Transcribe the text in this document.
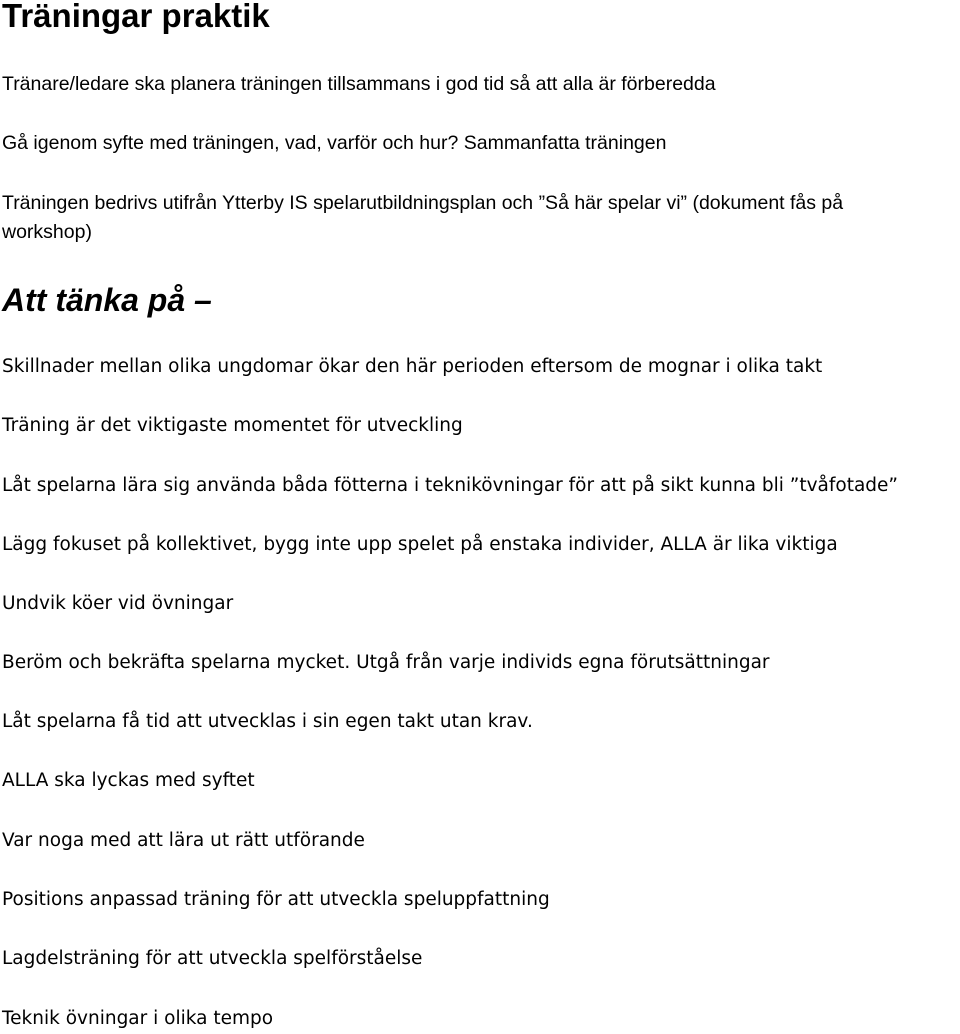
Träningar praktik

Tränare/ledare ska planera träningen tillsammans i god tid så att alla är förberedda

Gå igenom syfte med träningen, vad, varför och hur? Sammanfatta träningen

Träningen bedrivs utifrån Ytterby IS spelarutbildningsplan och ”Så här spelar vi” (dokument fås på

workshop)

Att tänka på –

Skillnader mellan olika ungdomar ökar den här perioden eftersom de mognar i olika takt

Träning är det viktigaste momentet för utveckling

Låt spelarna lära sig använda båda fötterna i teknikövningar för att på sikt kunna bli ”tvåfotade”

Lägg fokuset på kollektivet, bygg inte upp spelet på enstaka individer, ALLA är lika viktiga

Undvik köer vid övningar

Beröm och bekräfta spelarna mycket. Utgå från varje individs egna förutsättningar

Låt spelarna få tid att utvecklas i sin egen takt utan krav.

ALLA ska lyckas med syftet

Var noga med att lära ut rätt utförande

Positions anpassad träning för att utveckla speluppfattning

Lagdelsträning för att utveckla spelförståelse

Teknik övningar i olika tempo
